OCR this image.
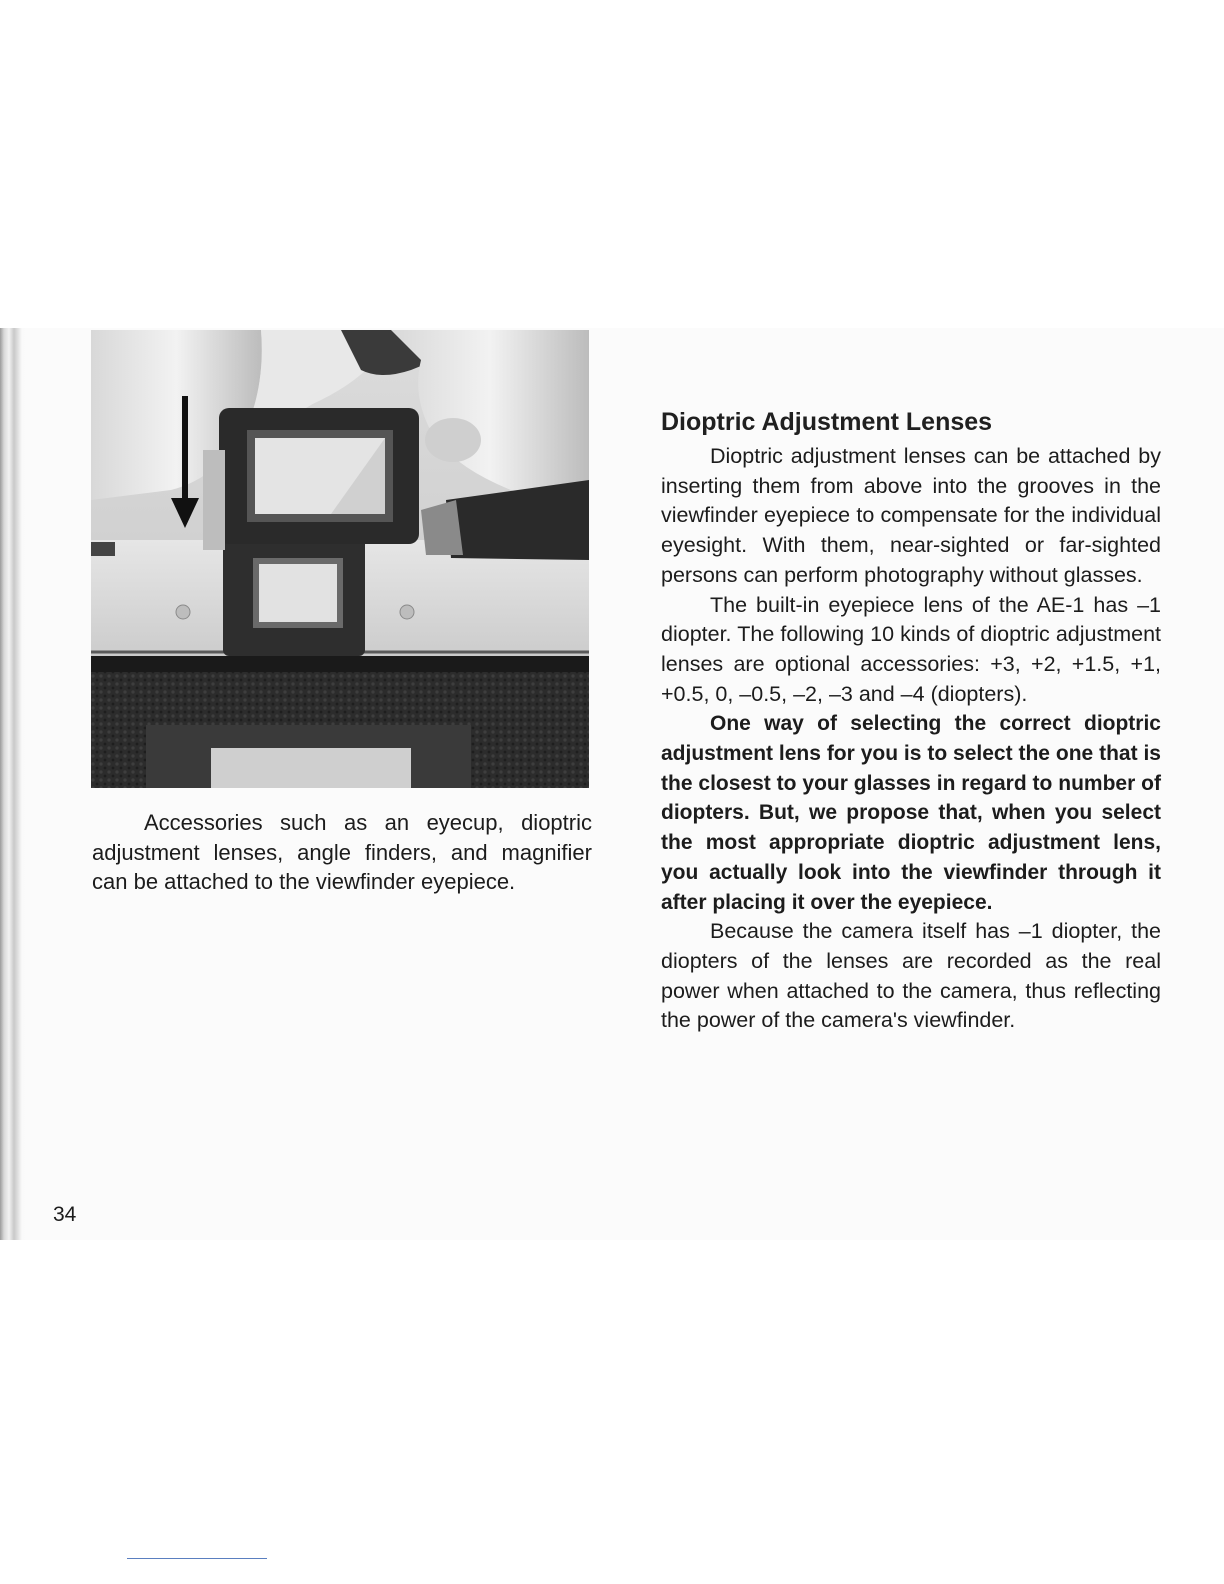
Accessories such as an eyecup, dioptric adjustment lenses, angle finders, and magnifier can be attached to the viewfinder eyepiece.

Dioptric Adjustment Lenses

Dioptric adjustment lenses can be attached by inserting them from above into the grooves in the viewfinder eyepiece to compensate for the individual eyesight. With them, near-sighted or far-sighted persons can perform photography without glasses.

The built-in eyepiece lens of the AE-1 has –1 diopter. The following 10 kinds of dioptric adjustment lenses are optional accessories: +3, +2, +1.5, +1, +0.5, 0, –0.5, –2, –3 and –4 (diopters).

One way of selecting the correct dioptric adjustment lens for you is to select the one that is the closest to your glasses in regard to number of diopters. But, we propose that, when you select the most appropriate dioptric adjustment lens, you actually look into the viewfinder through it after placing it over the eyepiece.

Because the camera itself has –1 diopter, the diopters of the lenses are recorded as the real power when attached to the camera, thus reflecting the power of the camera's viewfinder.

34
